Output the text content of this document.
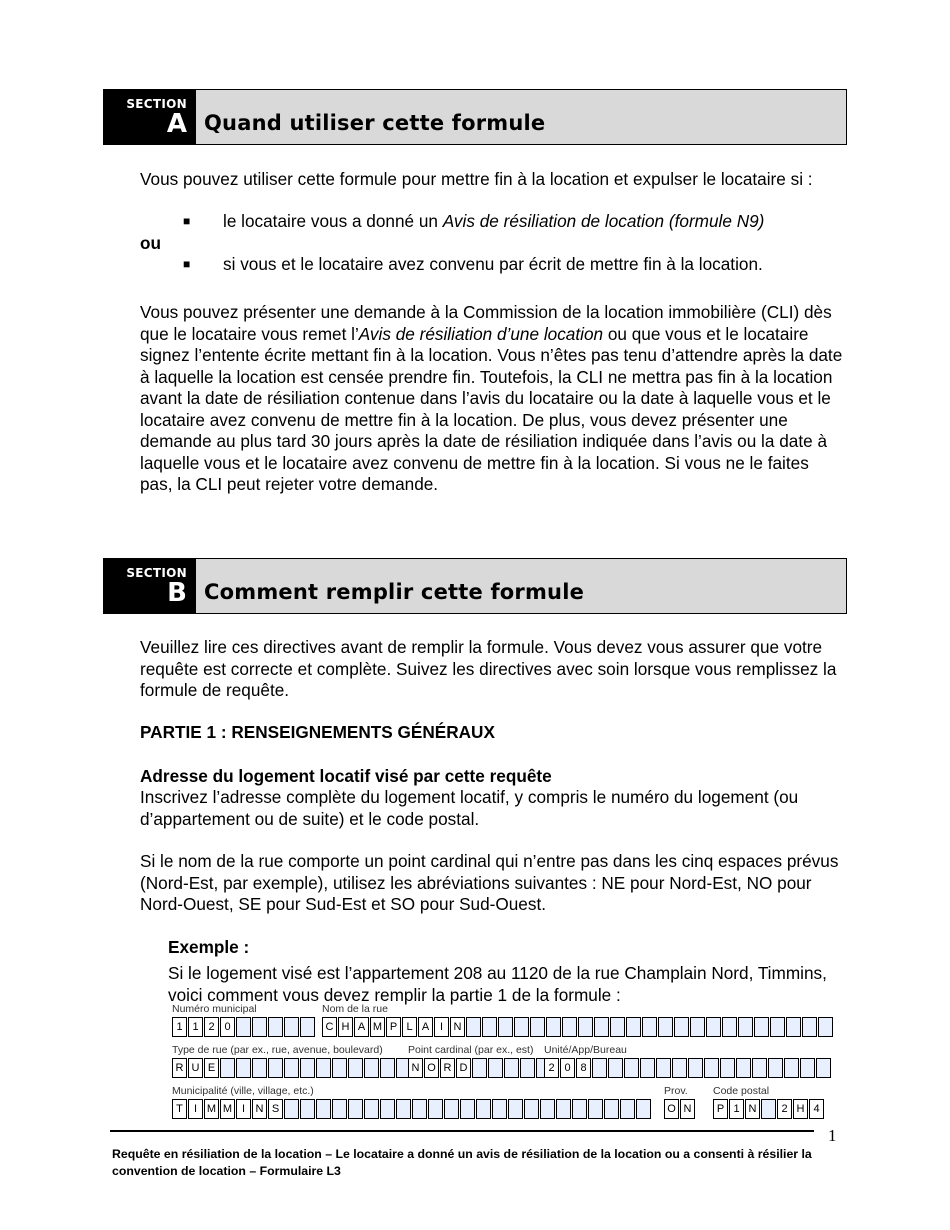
SECTION
A Quand utiliser cette formule
Vous pouvez utiliser cette formule pour mettre fin à la location et expulser le locataire si :
■ le locataire vous a donné un Avis de résiliation de location (formule N9)
ou
■ si vous et le locataire avez convenu par écrit de mettre fin à la location.
Vous pouvez présenter une demande à la Commission de la location immobilière (CLI) dès que le locataire vous remet l’Avis de résiliation d’une location ou que vous et le locataire signez l’entente écrite mettant fin à la location. Vous n’êtes pas tenu d’attendre après la date à laquelle la location est censée prendre fin. Toutefois, la CLI ne mettra pas fin à la location avant la date de résiliation contenue dans l’avis du locataire ou la date à laquelle vous et le locataire avez convenu de mettre fin à la location. De plus, vous devez présenter une demande au plus tard 30 jours après la date de résiliation indiquée dans l’avis ou la date à laquelle vous et le locataire avez convenu de mettre fin à la location. Si vous ne le faites pas, la CLI peut rejeter votre demande.
SECTION
B Comment remplir cette formule
Veuillez lire ces directives avant de remplir la formule. Vous devez vous assurer que votre requête est correcte et complète. Suivez les directives avec soin lorsque vous remplissez la formule de requête.
PARTIE 1 : RENSEIGNEMENTS GÉNÉRAUX
Adresse du logement locatif visé par cette requête
Inscrivez l’adresse complète du logement locatif, y compris le numéro du logement (ou d’appartement ou de suite) et le code postal.
Si le nom de la rue comporte un point cardinal qui n’entre pas dans les cinq espaces prévus (Nord-Est, par exemple), utilisez les abréviations suivantes : NE pour Nord-Est, NO pour Nord-Ouest, SE pour Sud-Est et SO pour Sud-Ouest.
Exemple :
Si le logement visé est l’appartement 208 au 1120 de la rue Champlain Nord, Timmins, voici comment vous devez remplir la partie 1 de la formule :
Numéro municipal
1 1 2 0
Nom de la rue
C H A M P L A I N
Type de rue (par ex., rue, avenue, boulevard)
R U E
Point cardinal (par ex., est)
N O R D
Unité/App/Bureau
2 0 8
Municipalité (ville, village, etc.)
T	I M M I N S
Prov.
O N
Code postal
P 1 N	2 H 4
1
Requête en résiliation de la location – Le locataire a donné un avis de résiliation de la location ou a consenti à résilier la convention de location – Formulaire L3
